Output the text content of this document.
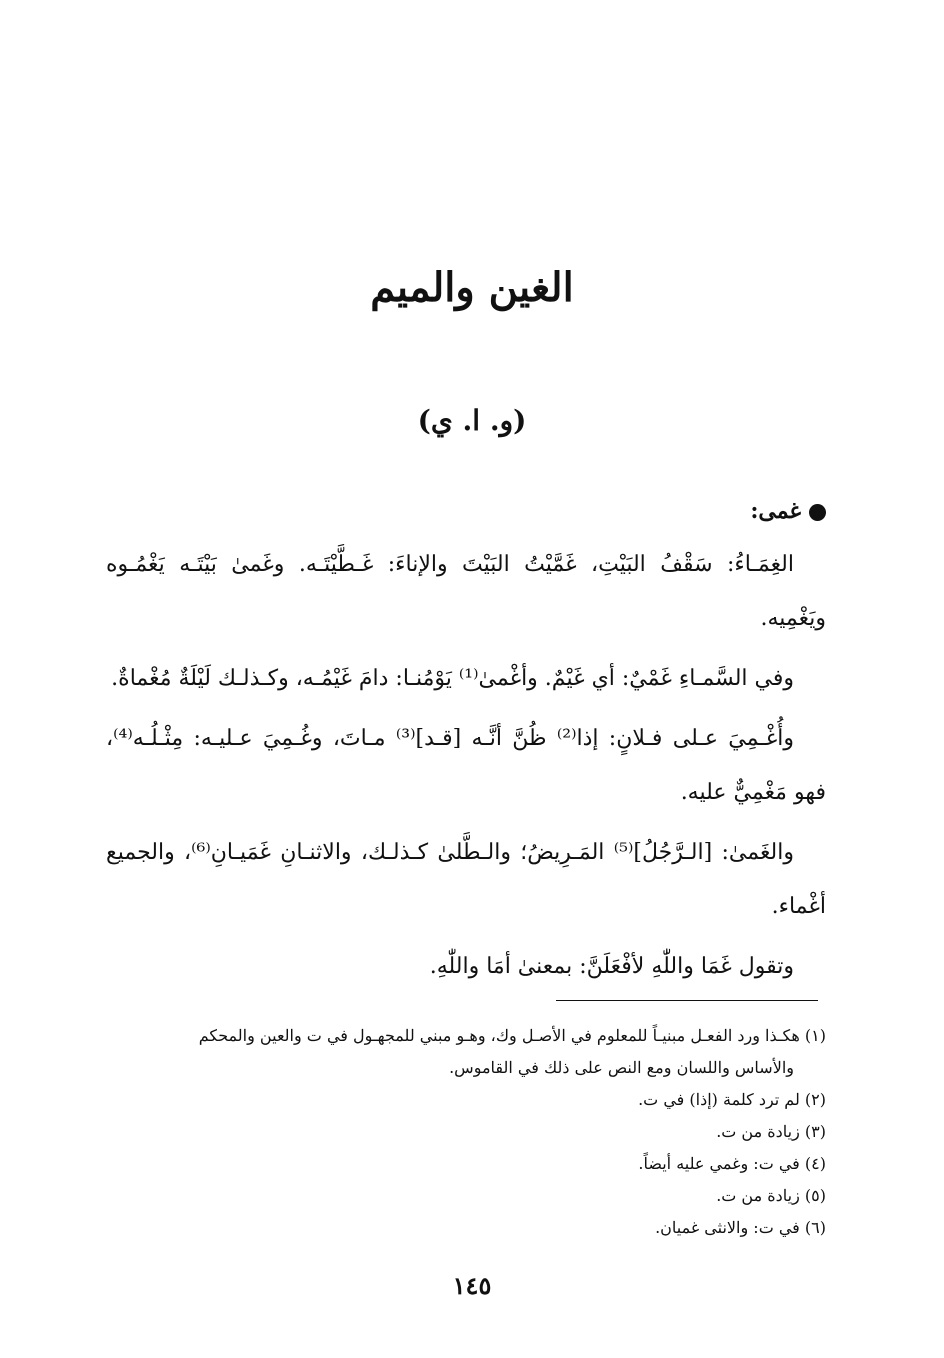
الغين والميم
(و. ا. ي)

غمى:

الغِمَـاءُ: سَقْفُ البَيْتِ، غَمَّيْتُ البَيْتَ والإناءَ: غَـطَّيْتَـه. وغَمىٰ بَيْتَـه يَغْمُـوه ويَغْمِيه.

وفي السَّمـاءِ غَمْيٌ: أي غَيْمٌ. وأغْمىٰ⁽¹⁾ يَوْمُنـا: دامَ غَيْمُـه، وكـذلـك لَيْلَةٌ مُغْماةٌ.

وأُغْـمِيَ عـلى فـلانٍ: إذا⁽²⁾ ظُنَّ أنَّـه [قـد]⁽³⁾ مـاتَ، وغُـمِيَ عـليـه: مِثْـلُـه⁽⁴⁾، فهو مَغْمِيٌّ عليه.

والغَمىٰ: [الـرَّجُلُ]⁽⁵⁾ المَـرِيضُ؛ والـطَّلىٰ كـذلـك، والاثنـانِ غَمَيـانِ⁽⁶⁾، والجميع أغْماء.

وتقول غَمَا واللّٰهِ لأفْعَلَنَّ: بمعنىٰ أمَا واللّٰهِ.

(١) هكـذا ورد الفعـل مبنيـاً للمعلوم في الأصـل وك، وهـو مبني للمجهـول في ت والعين والمحكم

والأساس واللسان ومع النص على ذلك في القاموس.

(٢) لم ترد كلمة (إذا) في ت.

(٣) زيادة من ت.

(٤) في ت: وغمي عليه أيضاً.

(٥) زيادة من ت.

(٦) في ت: والانثى غميان.

١٤٥
